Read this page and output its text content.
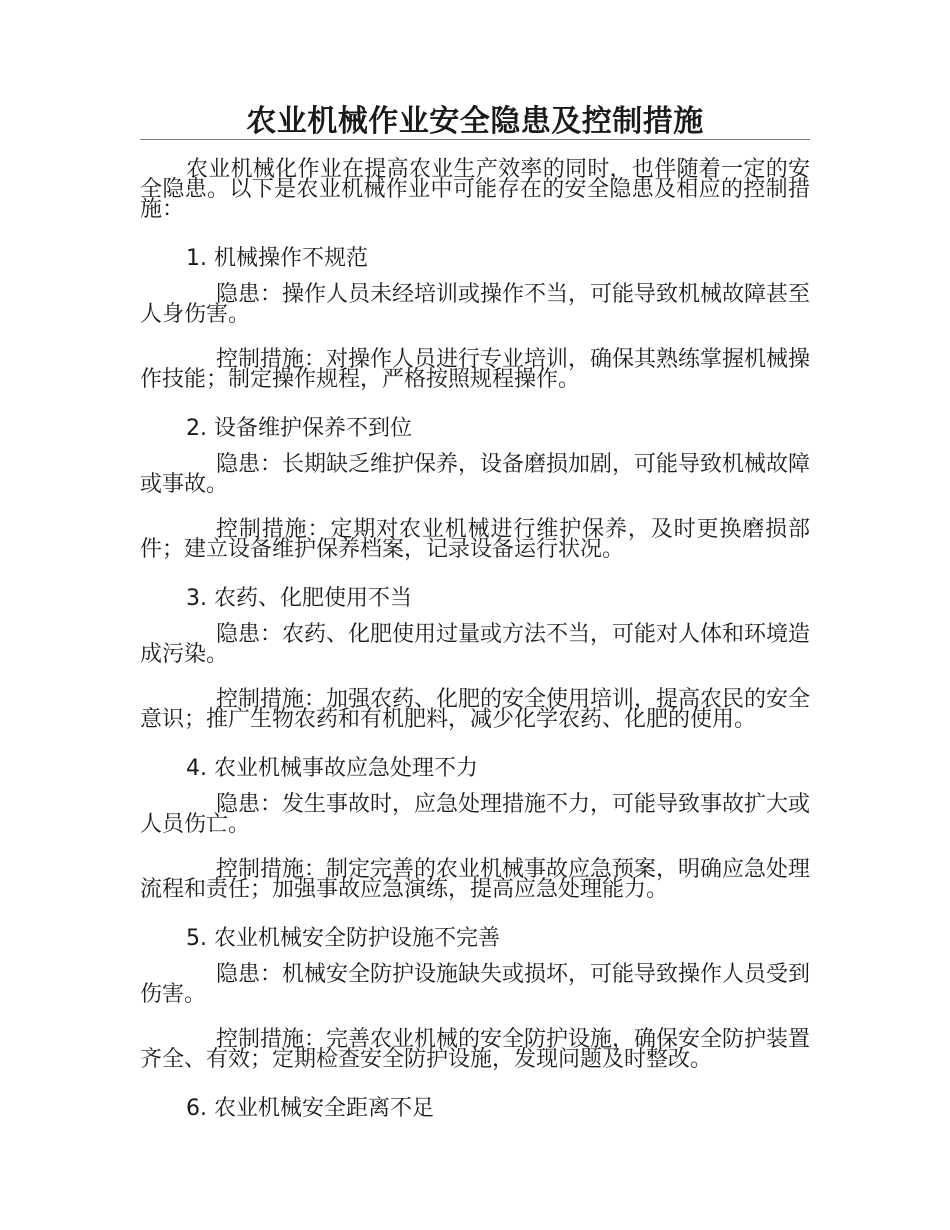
农业机械作业安全隐患及控制措施

农业机械化作业在提高农业生产效率的同时，也伴随着一定的安全隐患。以下是农业机械作业中可能存在的安全隐患及相应的控制措施：

1. 机械操作不规范

隐患：操作人员未经培训或操作不当，可能导致机械故障甚至人身伤害。

控制措施：对操作人员进行专业培训，确保其熟练掌握机械操作技能；制定操作规程，严格按照规程操作。

2. 设备维护保养不到位

隐患：长期缺乏维护保养，设备磨损加剧，可能导致机械故障或事故。

控制措施：定期对农业机械进行维护保养，及时更换磨损部件；建立设备维护保养档案，记录设备运行状况。

3. 农药、化肥使用不当

隐患：农药、化肥使用过量或方法不当，可能对人体和环境造成污染。

控制措施：加强农药、化肥的安全使用培训，提高农民的安全意识；推广生物农药和有机肥料，减少化学农药、化肥的使用。

4. 农业机械事故应急处理不力

隐患：发生事故时，应急处理措施不力，可能导致事故扩大或人员伤亡。

控制措施：制定完善的农业机械事故应急预案，明确应急处理流程和责任；加强事故应急演练，提高应急处理能力。

5. 农业机械安全防护设施不完善

隐患：机械安全防护设施缺失或损坏，可能导致操作人员受到伤害。

控制措施：完善农业机械的安全防护设施，确保安全防护装置齐全、有效；定期检查安全防护设施，发现问题及时整改。

6. 农业机械安全距离不足
